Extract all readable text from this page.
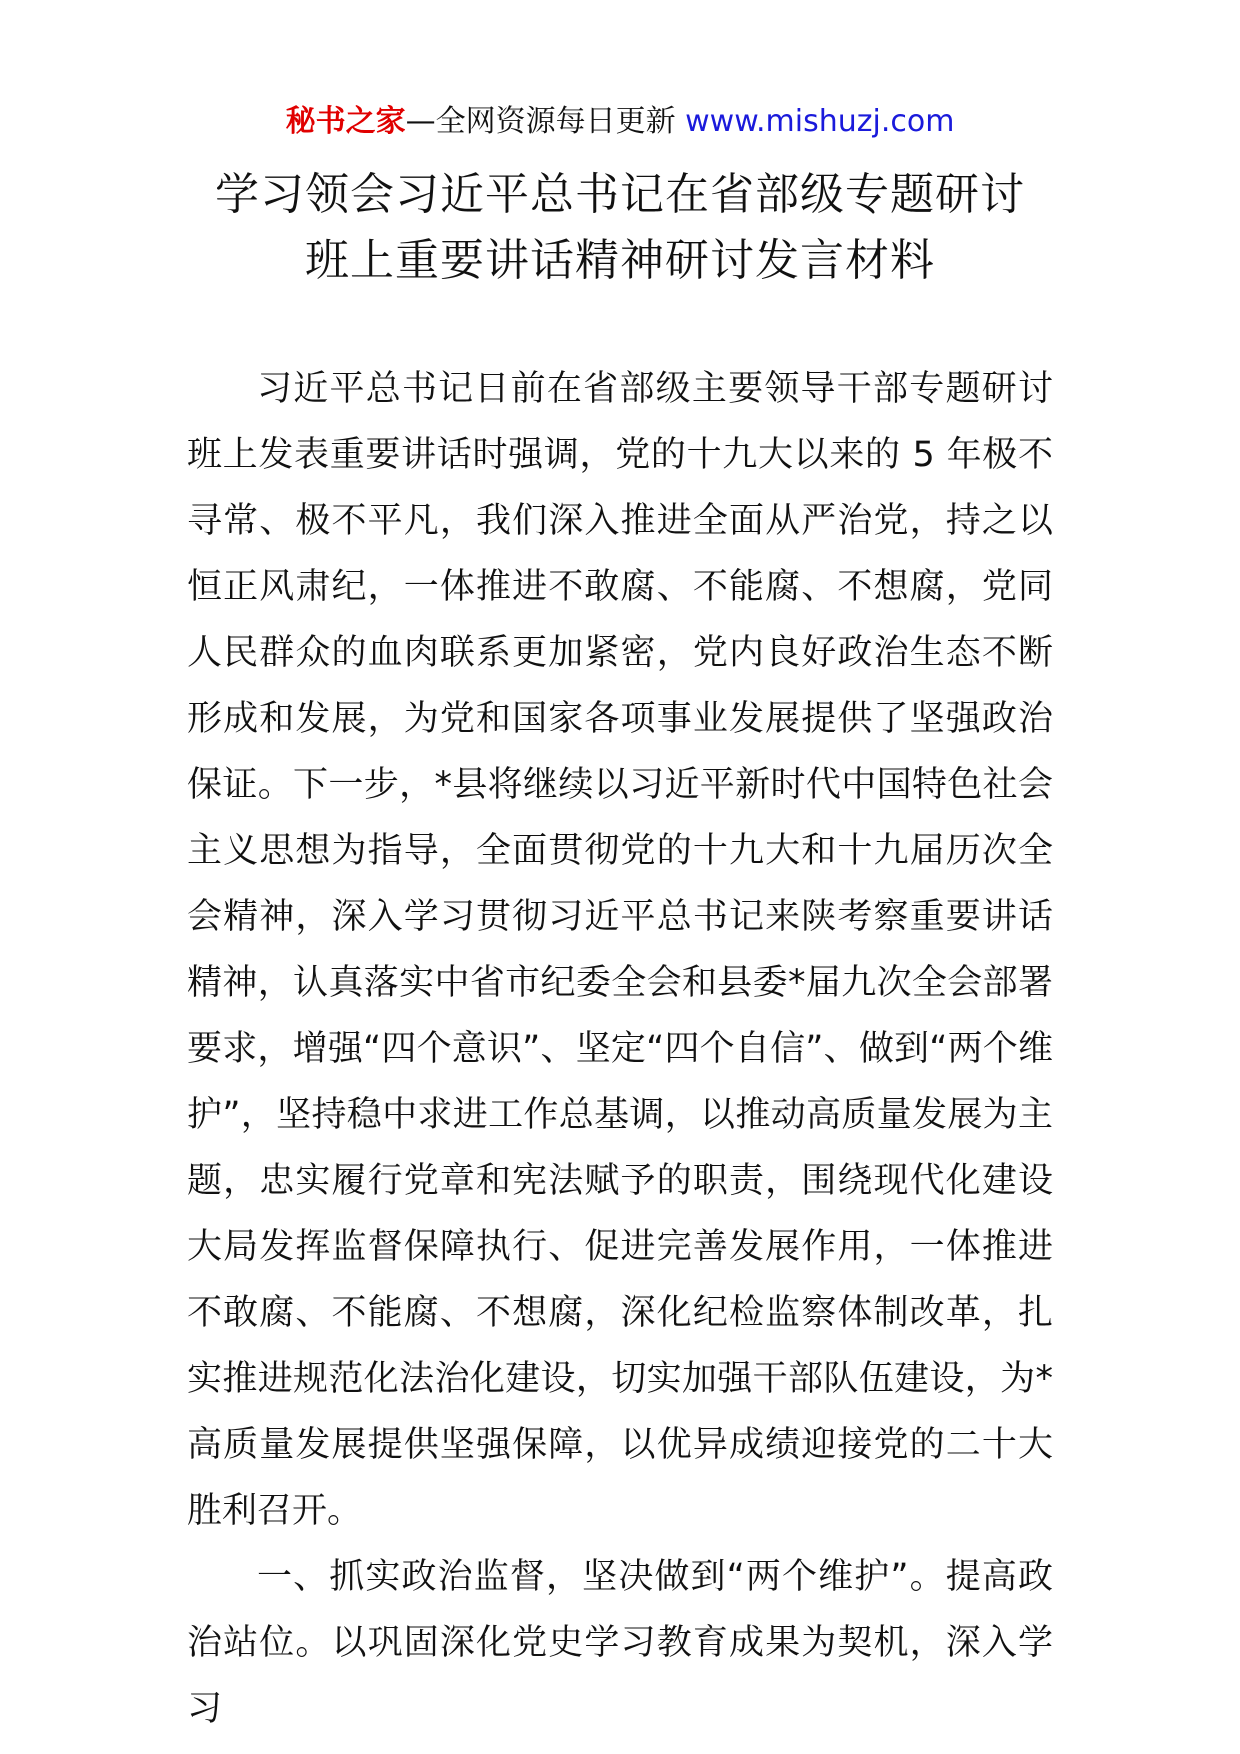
秘书之家—全网资源每日更新 www.mishuzj.com
学习领会习近平总书记在省部级专题研讨
班上重要讲话精神研讨发言材料

习近平总书记日前在省部级主要领导干部专题研讨班上发表重要讲话时强调，党的十九大以来的 5 年极不寻常、极不平凡，我们深入推进全面从严治党，持之以恒正风肃纪，一体推进不敢腐、不能腐、不想腐，党同人民群众的血肉联系更加紧密，党内良好政治生态不断形成和发展，为党和国家各项事业发展提供了坚强政治保证。下一步，*县将继续以习近平新时代中国特色社会主义思想为指导，全面贯彻党的十九大和十九届历次全会精神，深入学习贯彻习近平总书记来陕考察重要讲话精神，认真落实中省市纪委全会和县委*届九次全会部署要求，增强“四个意识”、坚定“四个自信”、做到“两个维护”，坚持稳中求进工作总基调，以推动高质量发展为主题，忠实履行党章和宪法赋予的职责，围绕现代化建设大局发挥监督保障执行、促进完善发展作用，一体推进不敢腐、不能腐、不想腐，深化纪检监察体制改革，扎实推进规范化法治化建设，切实加强干部队伍建设，为*高质量发展提供坚强保障，以优异成绩迎接党的二十大胜利召开。

一、抓实政治监督，坚决做到“两个维护”。提高政治站位。以巩固深化党史学习教育成果为契机，深入学习
